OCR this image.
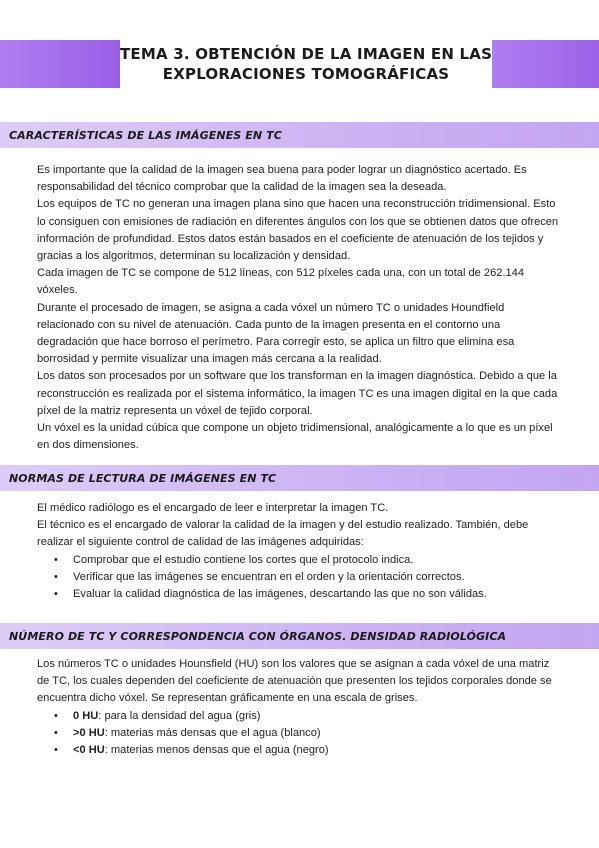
TEMA 3. OBTENCIÓN DE LA IMAGEN EN LAS
EXPLORACIONES TOMOGRÁFICAS
CARACTERÍSTICAS DE LAS IMÁGENES EN TC

Es importante que la calidad de la imagen sea buena para poder lograr un diagnóstico acertado. Es responsabilidad del técnico comprobar que la calidad de la imagen sea la deseada.

Los equipos de TC no generan una imagen plana sino que hacen una reconstrucción tridimensional. Esto lo consiguen con emisiones de radiación en diferentes ángulos con los que se obtienen datos que ofrecen información de profundidad. Estos datos están basados en el coeficiente de atenuación de los tejidos y gracias a los algoritmos, determinan su localización y densidad.

Cada imagen de TC se compone de 512 líneas, con 512 píxeles cada una, con un total de 262.144 vóxeles.

Durante el procesado de imagen, se asigna a cada vóxel un número TC o unidades Houndfield relacionado con su nivel de atenuación. Cada punto de la imagen presenta en el contorno una degradación que hace borroso el perímetro. Para corregir esto, se aplica un filtro que elimina esa borrosidad y permite visualizar una imagen más cercana a la realidad.

Los datos son procesados por un software que los transforman en la imagen diagnóstica. Debido a que la reconstrucción es realizada por el sistema informático, la imagen TC es una imagen digital en la que cada píxel de la matriz representa un vóxel de tejido corporal.

Un vóxel es la unidad cúbica que compone un objeto tridimensional, analógicamente a lo que es un píxel en dos dimensiones.

NORMAS DE LECTURA DE IMÁGENES EN TC

El médico radiólogo es el encargado de leer e interpretar la imagen TC.

El técnico es el encargado de valorar la calidad de la imagen y del estudio realizado. También, debe realizar el siguiente control de calidad de las imágenes adquiridas:

• Comprobar que el estudio contiene los cortes que el protocolo indica.
• Verificar que las imágenes se encuentran en el orden y la orientación correctos.
• Evaluar la calidad diagnóstica de las imágenes, descartando las que no son válidas.
NÚMERO DE TC Y CORRESPONDENCIA CON ÓRGANOS. DENSIDAD RADIOLÓGICA

Los números TC o unidades Hounsfield (HU) son los valores que se asignan a cada vóxel de una matriz de TC, los cuales dependen del coeficiente de atenuación que presenten los tejidos corporales donde se encuentra dicho vóxel. Se representan gráficamente en una escala de grises.

• 0 HU: para la densidad del agua (gris)
• >0 HU: materias más densas que el agua (blanco)
• <0 HU: materias menos densas que el agua (negro)
